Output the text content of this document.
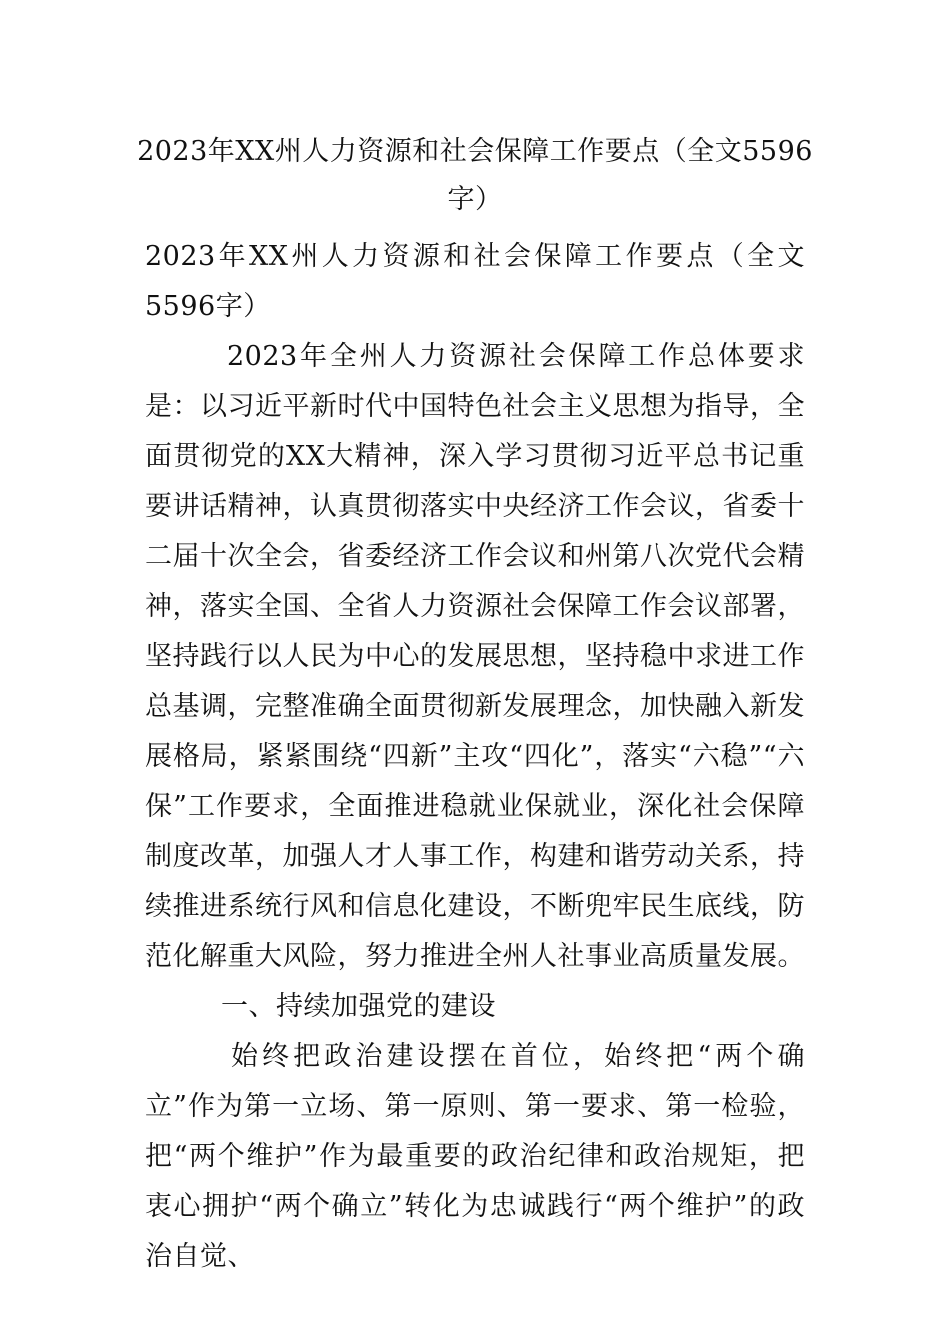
2023年XX州人力资源和社会保障工作要点（全文5596字）

2023年XX州人力资源和社会保障工作要点（全文5596字）

2023年全州人力资源社会保障工作总体要求是：以习近平新时代中国特色社会主义思想为指导，全面贯彻党的XX大精神，深入学习贯彻习近平总书记重要讲话精神，认真贯彻落实中央经济工作会议，省委十二届十次全会，省委经济工作会议和州第八次党代会精神，落实全国、全省人力资源社会保障工作会议部署，坚持践行以人民为中心的发展思想，坚持稳中求进工作总基调，完整准确全面贯彻新发展理念，加快融入新发展格局，紧紧围绕“四新”主攻“四化”，落实“六稳”“六保”工作要求，全面推进稳就业保就业，深化社会保障制度改革，加强人才人事工作，构建和谐劳动关系，持续推进系统行风和信息化建设，不断兜牢民生底线，防范化解重大风险，努力推进全州人社事业高质量发展。

一、持续加强党的建设

始终把政治建设摆在首位，始终把“两个确立”作为第一立场、第一原则、第一要求、第一检验，把“两个维护”作为最重要的政治纪律和政治规矩，把衷心拥护“两个确立”转化为忠诚践行“两个维护”的政治自觉、
